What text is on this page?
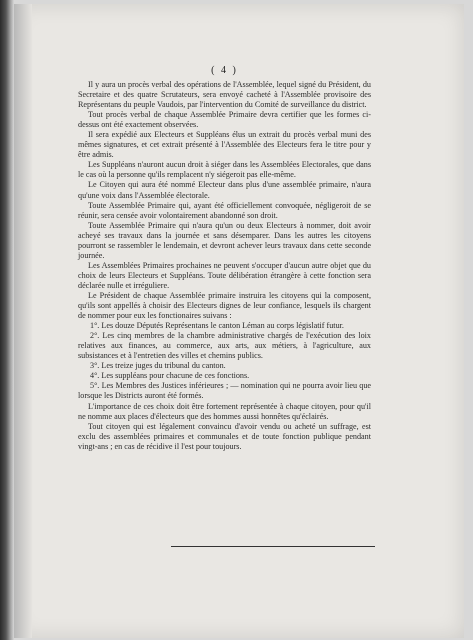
( 4 )

Il y aura un procès verbal des opérations de l'Assemblée, lequel signé du Président, du Secretaire et des quatre Scrutateurs, sera envoyé cacheté à l'Assemblée provisoire des Représentans du peuple Vaudois, par l'intervention du Comité de surveillance du district.

Tout procès verbal de chaque Assemblée Primaire devra certifier que les formes ci-dessus ont été exactement observées.

Il sera expédié aux Electeurs et Suppléans élus un extrait du procès verbal muni des mêmes signatures, et cet extrait présenté à l'Assemblée des Electeurs fera le titre pour y être admis.

Les Suppléans n'auront aucun droit à siéger dans les Assemblées Electorales, que dans le cas où la personne qu'ils remplacent n'y siégeroit pas elle-même.

Le Citoyen qui aura été nommé Electeur dans plus d'une assemblée primaire, n'aura qu'une voix dans l'Assemblée électorale.

Toute Assemblée Primaire qui, ayant été officiellement convoquée, négligeroit de se réunir, sera censée avoir volontairement abandonné son droit.

Toute Assemblée Primaire qui n'aura qu'un ou deux Electeurs à nommer, doit avoir acheyé ses travaux dans la journée et sans désemparer. Dans les autres les citoyens pourront se rassembler le lendemain, et devront achever leurs travaux dans cette seconde journée.

Les Assemblées Primaires prochaines ne peuvent s'occuper d'aucun autre objet que du choix de leurs Electeurs et Suppléans. Toute délibération étrangère à cette fonction sera déclarée nulle et irréguliere.

Le Président de chaque Assemblée primaire instruira les citoyens qui la composent, qu'ils sont appellés à choisir des Electeurs dignes de leur confiance, lesquels ils chargent de nommer pour eux les fonctionaires suivans :

1°. Les douze Députés Représentans le canton Léman au corps législatif futur.

2°. Les cinq membres de la chambre administrative chargés de l'exécution des loix relatives aux finances, au commerce, aux arts, aux métiers, à l'agriculture, aux subsistances et à l'entretien des villes et chemins publics.

3°. Les treize juges du tribunal du canton.

4°. Les suppléans pour chacune de ces fonctions.

5°. Les Membres des Justices inférieures ; — nomination qui ne pourra avoir lieu que lorsque les Districts auront été formés.

L'importance de ces choix doit être fortement représentée à chaque citoyen, pour qu'il ne nomme aux places d'électeurs que des hommes aussi honnêtes qu'éclairés.

Tout citoyen qui est légalement convaincu d'avoir vendu ou acheté un suffrage, est exclu des assemblées primaires et communales et de toute fonction publique pendant vingt-ans ; en cas de récidive il l'est pour toujours.
